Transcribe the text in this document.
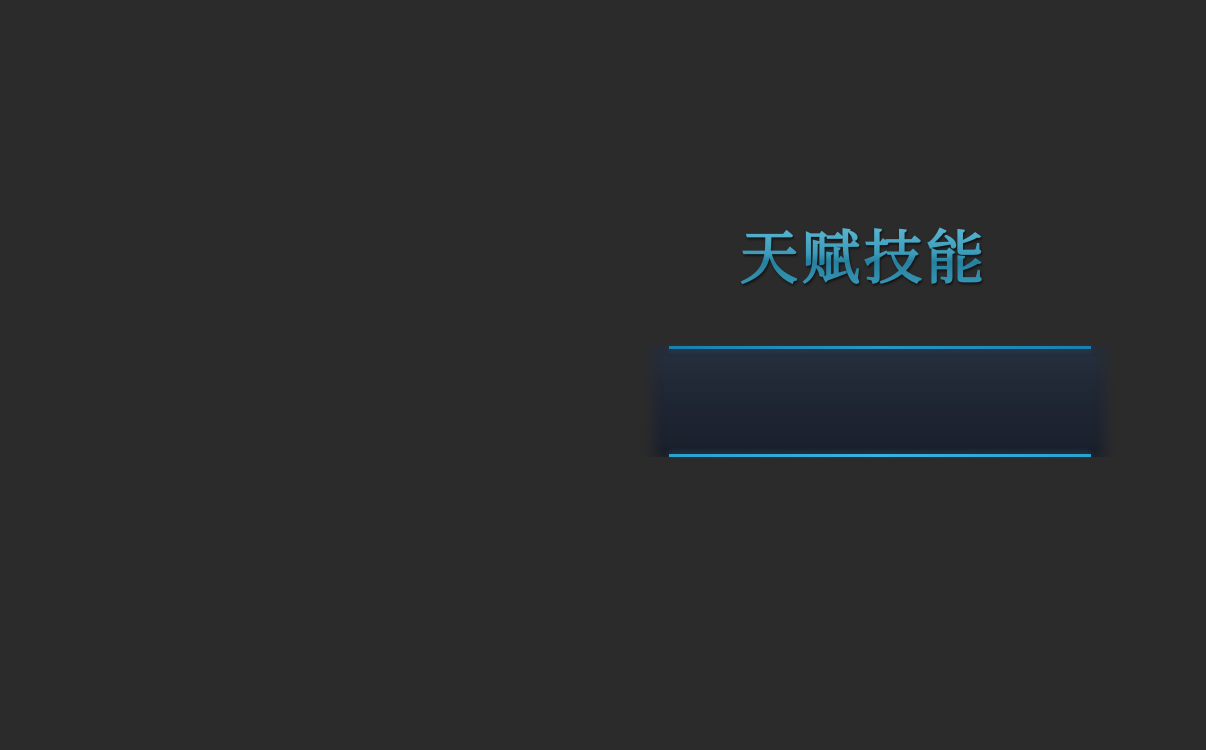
天赋技能
